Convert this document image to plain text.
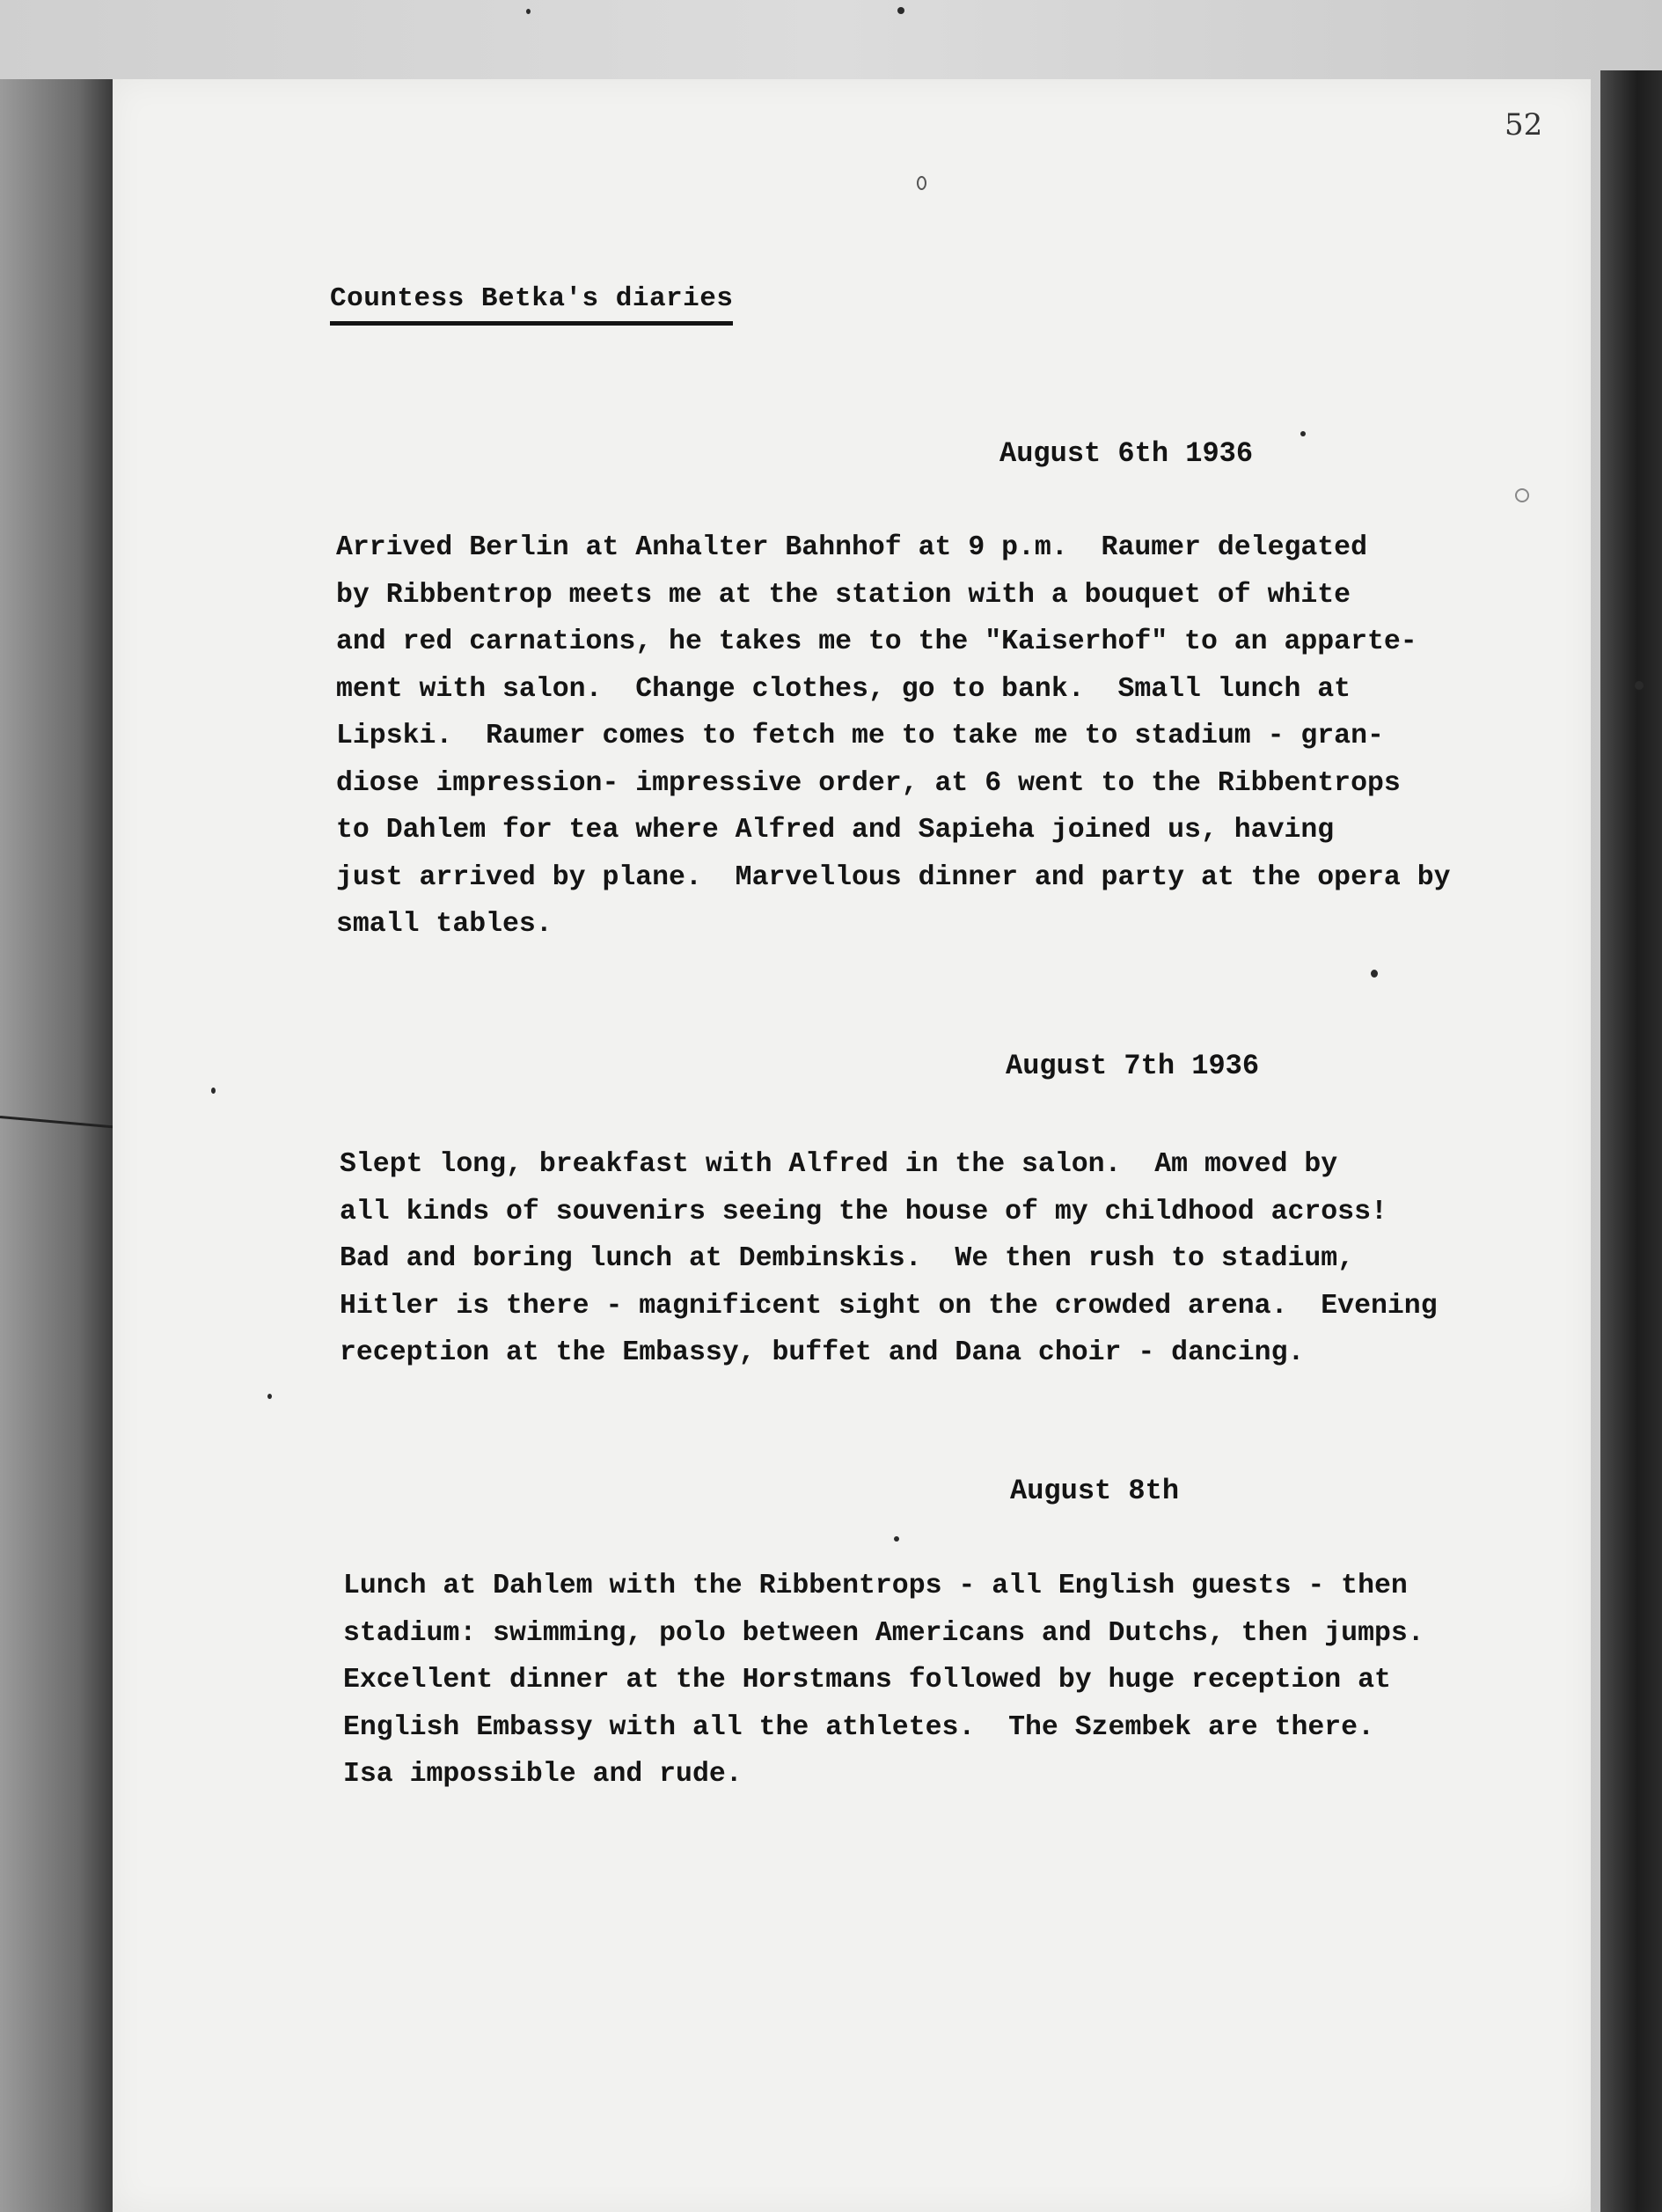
52
Countess Betka's diaries
August 6th 1936
Arrived Berlin at Anhalter Bahnhof at 9 p.m.  Raumer delegated
by Ribbentrop meets me at the station with a bouquet of white
and red carnations, he takes me to the "Kaiserhof" to an apparte-
ment with salon.  Change clothes, go to bank.  Small lunch at
Lipski.  Raumer comes to fetch me to take me to stadium - gran-
diose impression- impressive order, at 6 went to the Ribbentrops
to Dahlem for tea where Alfred and Sapieha joined us, having
just arrived by plane.  Marvellous dinner and party at the opera by
small tables.
August 7th 1936
Slept long, breakfast with Alfred in the salon.  Am moved by
all kinds of souvenirs seeing the house of my childhood across!
Bad and boring lunch at Dembinskis.  We then rush to stadium,
Hitler is there - magnificent sight on the crowded arena.  Evening
reception at the Embassy, buffet and Dana choir - dancing.
August 8th
Lunch at Dahlem with the Ribbentrops - all English guests - then
stadium: swimming, polo between Americans and Dutchs, then jumps.
Excellent dinner at the Horstmans followed by huge reception at
English Embassy with all the athletes.  The Szembek are there.
Isa impossible and rude.
